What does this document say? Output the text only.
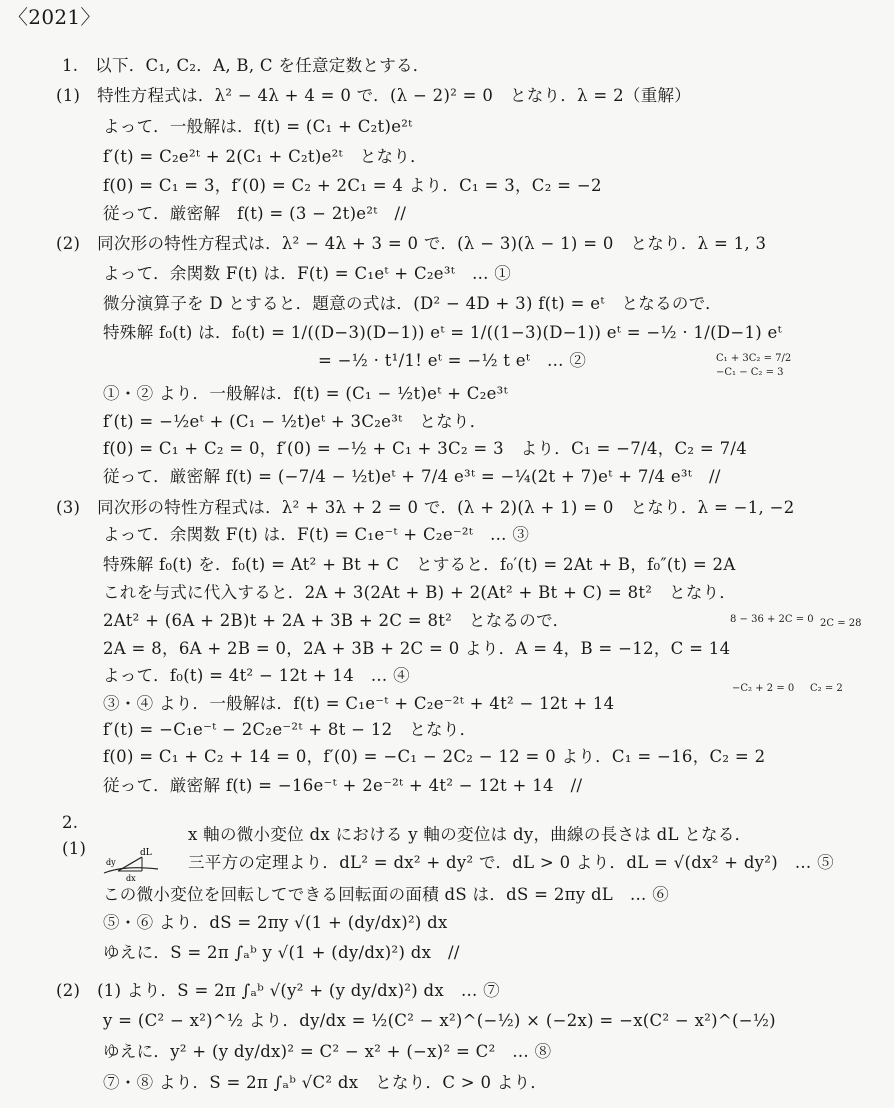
〈2021〉
1.　以下．C₁, C₂．A, B, C を任意定数とする．
(1)　特性方程式は．λ² − 4λ + 4 = 0 で．(λ − 2)² = 0　となり．λ = 2（重解）
よって．一般解は．f(t) = (C₁ + C₂t)e²ᵗ
f′(t) = C₂e²ᵗ + 2(C₁ + C₂t)e²ᵗ　となり．
f(0) = C₁ = 3，f′(0) = C₂ + 2C₁ = 4 より．C₁ = 3，C₂ = −2
従って．厳密解　f(t) = (3 − 2t)e²ᵗ　//
(2)　同次形の特性方程式は．λ² − 4λ + 3 = 0 で．(λ − 3)(λ − 1) = 0　となり．λ = 1, 3
よって．余関数 F(t) は．F(t) = C₁eᵗ + C₂e³ᵗ　… ①
微分演算子を D とすると．題意の式は．(D² − 4D + 3) f(t) = eᵗ　となるので．
特殊解 f₀(t) は．f₀(t) = 1/((D−3)(D−1)) eᵗ = 1/((1−3)(D−1)) eᵗ = −½ · 1/(D−1) eᵗ
= −½ · t¹/1! eᵗ = −½ t eᵗ　… ②	C₁ + 3C₂ = 7/2
−C₁ − C₂ = 3
①・② より．一般解は．f(t) = (C₁ − ½t)eᵗ + C₂e³ᵗ
f′(t) = −½eᵗ + (C₁ − ½t)eᵗ + 3C₂e³ᵗ　となり．
f(0) = C₁ + C₂ = 0，f′(0) = −½ + C₁ + 3C₂ = 3　より．C₁ = −7/4，C₂ = 7/4
従って．厳密解 f(t) = (−7/4 − ½t)eᵗ + 7/4 e³ᵗ = −¼(2t + 7)eᵗ + 7/4 e³ᵗ　//
(3)　同次形の特性方程式は．λ² + 3λ + 2 = 0 で．(λ + 2)(λ + 1) = 0　となり．λ = −1, −2
よって．余関数 F(t) は．F(t) = C₁e⁻ᵗ + C₂e⁻²ᵗ　… ③
特殊解 f₀(t) を．f₀(t) = At² + Bt + C　とすると．f₀′(t) = 2At + B，f₀″(t) = 2A
これを与式に代入すると．2A + 3(2At + B) + 2(At² + Bt + C) = 8t²　となり．
2At² + (6A + 2B)t + 2A + 3B + 2C = 8t²　となるので．	8 − 36 + 2C = 0 2C = 28
2A = 8，6A + 2B = 0，2A + 3B + 2C = 0 より．A = 4，B = −12，C = 14
よって．f₀(t) = 4t² − 12t + 14　… ④
−C₂ + 2 = 0 C₂ = 2
③・④ より．一般解は．f(t) = C₁e⁻ᵗ + C₂e⁻²ᵗ + 4t² − 12t + 14
f′(t) = −C₁e⁻ᵗ − 2C₂e⁻²ᵗ + 8t − 12　となり．
f(0) = C₁ + C₂ + 14 = 0，f′(0) = −C₁ − 2C₂ − 12 = 0 より．C₁ = −16，C₂ = 2
従って．厳密解 f(t) = −16e⁻ᵗ + 2e⁻²ᵗ + 4t² − 12t + 14　//
2.
(1)	dL
dy
dx
x 軸の微小変位 dx における y 軸の変位は dy，曲線の長さは dL となる．
三平方の定理より．dL² = dx² + dy² で．dL > 0 より．dL = √(dx² + dy²)　… ⑤
この微小変位を回転してできる回転面の面積 dS は．dS = 2πy dL　… ⑥
⑤・⑥ より．dS = 2πy √(1 + (dy/dx)²) dx
ゆえに．S = 2π ∫ₐᵇ y √(1 + (dy/dx)²) dx　//
(2)　(1) より．S = 2π ∫ₐᵇ √(y² + (y dy/dx)²) dx　… ⑦
y = (C² − x²)^½ より．dy/dx = ½(C² − x²)^(−½) × (−2x) = −x(C² − x²)^(−½)
ゆえに．y² + (y dy/dx)² = C² − x² + (−x)² = C²　… ⑧
⑦・⑧ より．S = 2π ∫ₐᵇ √C² dx　となり．C > 0 より．
